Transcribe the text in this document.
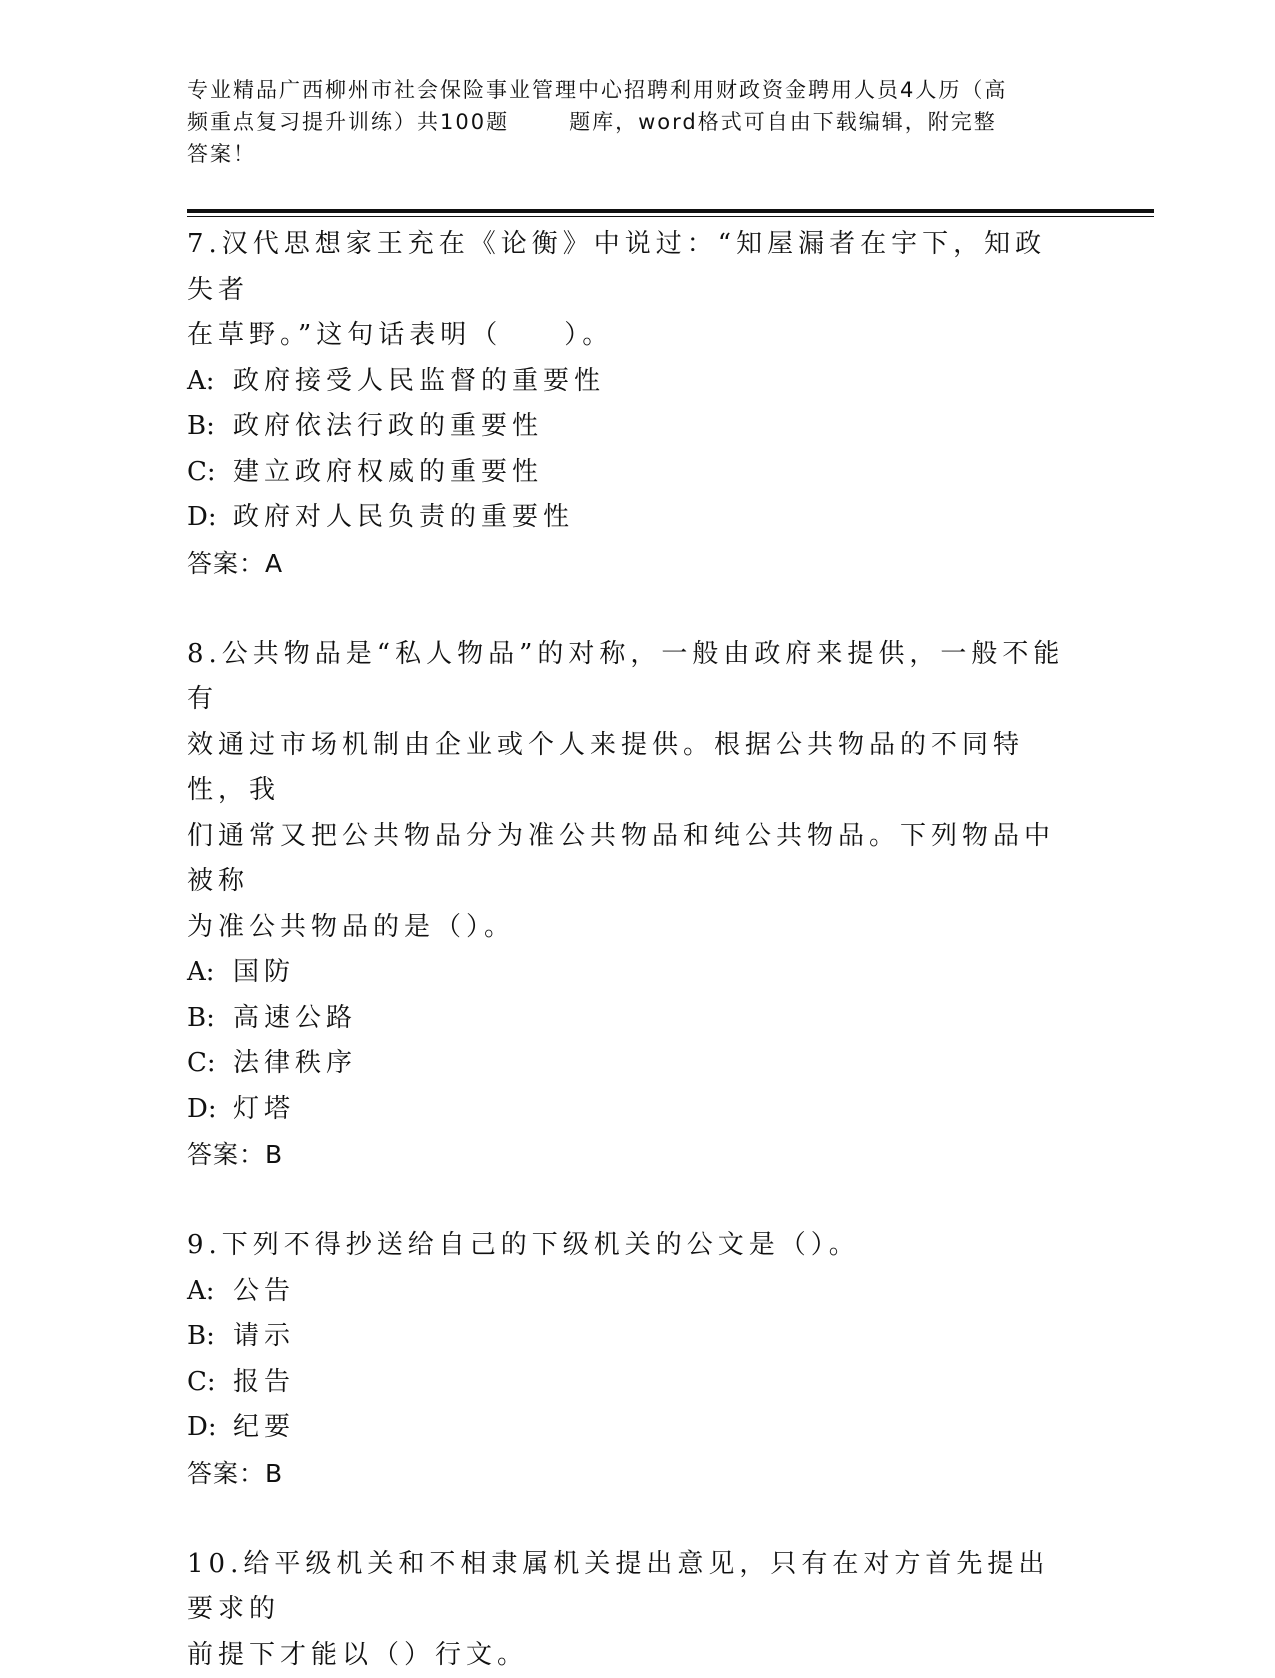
专业精品广西柳州市社会保险事业管理中心招聘利用财政资金聘用人员4人历（高
频重点复习提升训练）共100题	题库，word格式可自由下载编辑，附完整
答案！

7.汉代思想家王充在《论衡》中说过：“知屋漏者在宇下，知政失者

在草野。”这句话表明（　　）。

A: 政府接受人民监督的重要性
B: 政府依法行政的重要性
C: 建立政府权威的重要性
D: 政府对人民负责的重要性

答案：A

8.公共物品是“私人物品”的对称，一般由政府来提供，一般不能有

效通过市场机制由企业或个人来提供。根据公共物品的不同特性，我

们通常又把公共物品分为准公共物品和纯公共物品。下列物品中被称

为准公共物品的是（）。

A: 国防
B: 高速公路
C: 法律秩序
D: 灯塔

答案：B

9.下列不得抄送给自己的下级机关的公文是（）。

A: 公告
B: 请示
C: 报告
D: 纪要

答案：B

10.给平级机关和不相隶属机关提出意见，只有在对方首先提出要求的

前提下才能以（）行文。
